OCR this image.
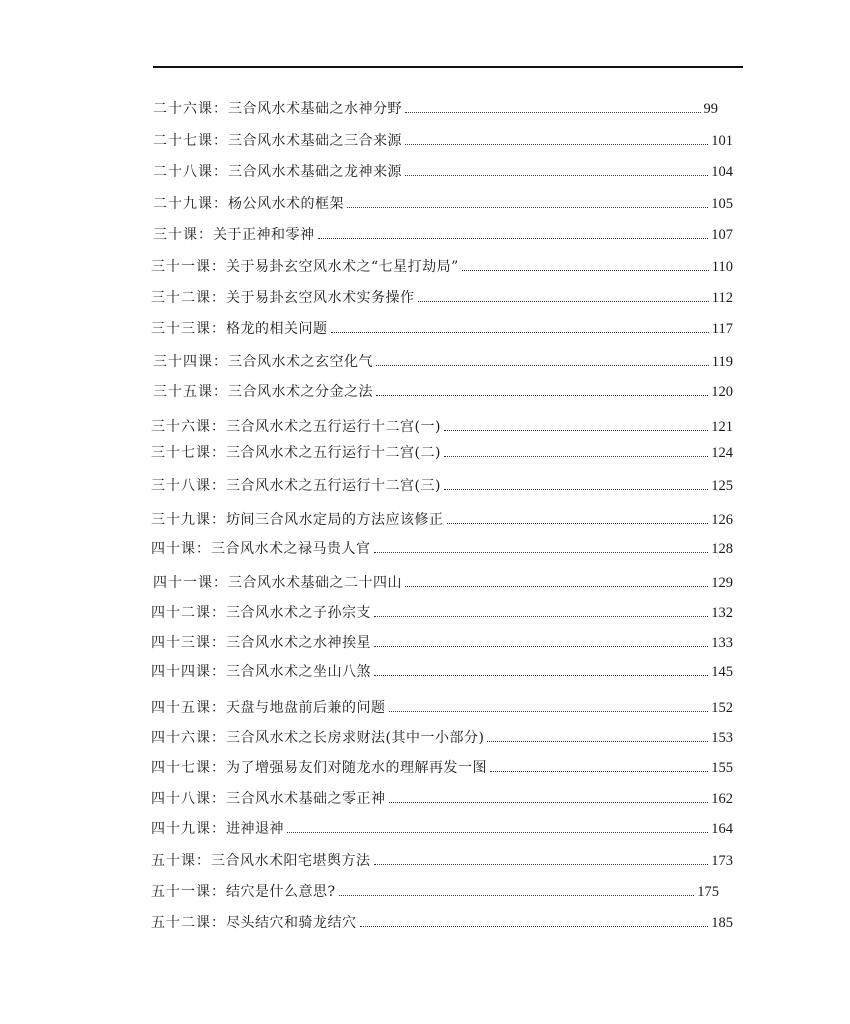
二十六课： 三合风水术基础之水神分野	99
二十七课： 三合风水术基础之三合来源	101
二十八课： 三合风水术基础之龙神来源	104
二十九课： 杨公风水术的框架	105
三十课： 关于正神和零神	107
三十一课： 关于易卦玄空风水术之“七星打劫局”	110
三十二课： 关于易卦玄空风水术实务操作	112
三十三课： 格龙的相关问题	117
三十四课： 三合风水术之玄空化气	119
三十五课： 三合风水术之分金之法	120
三十六课： 三合风水术之五行运行十二宫(一)	121
三十七课： 三合风水术之五行运行十二宫(二)	124
三十八课： 三合风水术之五行运行十二宫(三)	125
三十九课： 坊间三合风水定局的方法应该修正	126
四十课： 三合风水术之禄马贵人官	128
四十一课： 三合风水术基础之二十四山	129
四十二课： 三合风水术之子孙宗支	132
四十三课： 三合风水术之水神挨星	133
四十四课： 三合风水术之坐山八煞	145
四十五课： 天盘与地盘前后兼的问题	152
四十六课： 三合风水术之长房求财法(其中一小部分)	153
四十七课： 为了增强易友们对随龙水的理解再发一图	155
四十八课： 三合风水术基础之零正神	162
四十九课： 进神退神	164
五十课： 三合风水术阳宅堪舆方法	173
五十一课： 结穴是什么意思?	175
五十二课： 尽头结穴和骑龙结穴	185
